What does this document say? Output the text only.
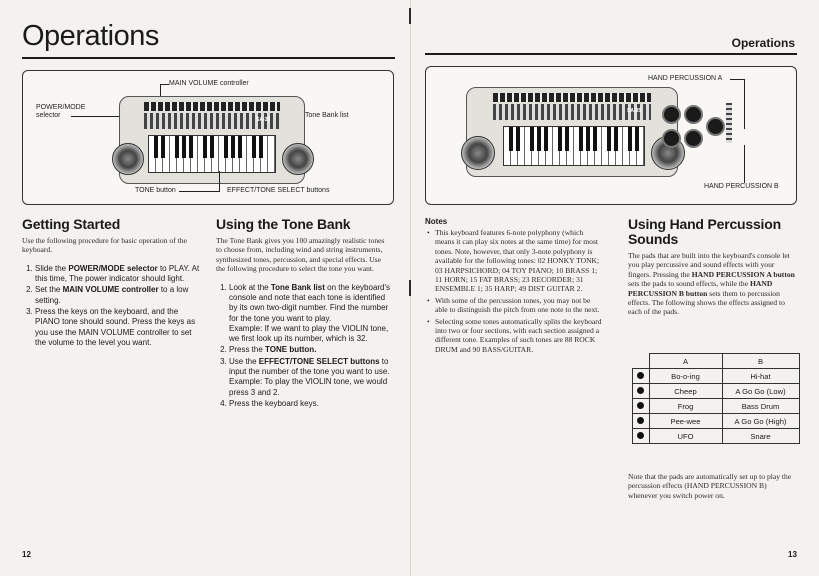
Operations
MAIN VOLUME controller
POWER/MODE
selector	Tone Bank list
SA-35
TONE button	EFFECT/TONE SELECT buttons
Getting Started
Use the following procedure for basic operation of the keyboard.
1. Slide the POWER/MODE selector to PLAY. At this time, The power indicator should light.
2. Set the MAIN VOLUME controller to a low setting.
3. Press the keys on the keyboard, and the PIANO tone should sound. Press the keys as you use the MAIN VOLUME controller to set the volume to the level you want.
Using the Tone Bank
The Tone Bank gives you 100 amazingly realistic tones to choose from, including wind and string instruments, synthesized tones, percussion, and special effects. Use the following procedure to select the tone you want.
1. Look at the Tone Bank list on the keyboard's console and note that each tone is identified by its own two-digit number. Find the number for the tone you want to play.
Example: If we want to play the VIOLIN tone, we first look up its number, which is 32.
2. Press the TONE button.
3. Use the EFFECT/TONE SELECT buttons to input the number of the tone you want to use.
Example: To play the VIOLIN tone, we would press 3 and 2.
4. Press the keyboard keys.
12
Operations
HAND PERCUSSION A
SA-35
HAND PERCUSSION B
Notes
• This keyboard features 6-note polyphony (which means it can play six notes at the same time) for most tones. Note, however, that only 3-note polyphony is available for the following tones: 02 HONKY TONK; 03 HARPSICHORD; 04 TOY PIANO; 10 BRASS 1; 11 HORN; 15 FAT BRASS; 23 RECORDER; 31 ENSEMBLE 1; 35 HARP; 49 DIST GUITAR 2.
• With some of the percussion tones, you may not be able to distinguish the pitch from one note to the next.
• Selecting some tones automatically splits the keyboard into two or four sections, with each section assigned a different tone. Examples of such tones are 88 ROCK DRUM and 90 BASS/GUITAR.
Using Hand Percussion
Sounds
The pads that are built into the keyboard's console let you play percussive and sound effects with your fingers. Pressing the HAND PERCUSSION A button sets the pads to sound effects, while the HAND PERCUSSION B button sets them to percussion effects. The following shows the effects assigned to each of the pads.
	A	B
	Bo-o-ing	Hi-hat
	Cheep	A Go Go (Low)
	Frog	Bass Drum
	Pee-wee	A Go Go (High)
	UFO	Snare
Note that the pads are automatically set up to play the percussion effects (HAND PERCUSSION B) whenever you switch power on.
13
